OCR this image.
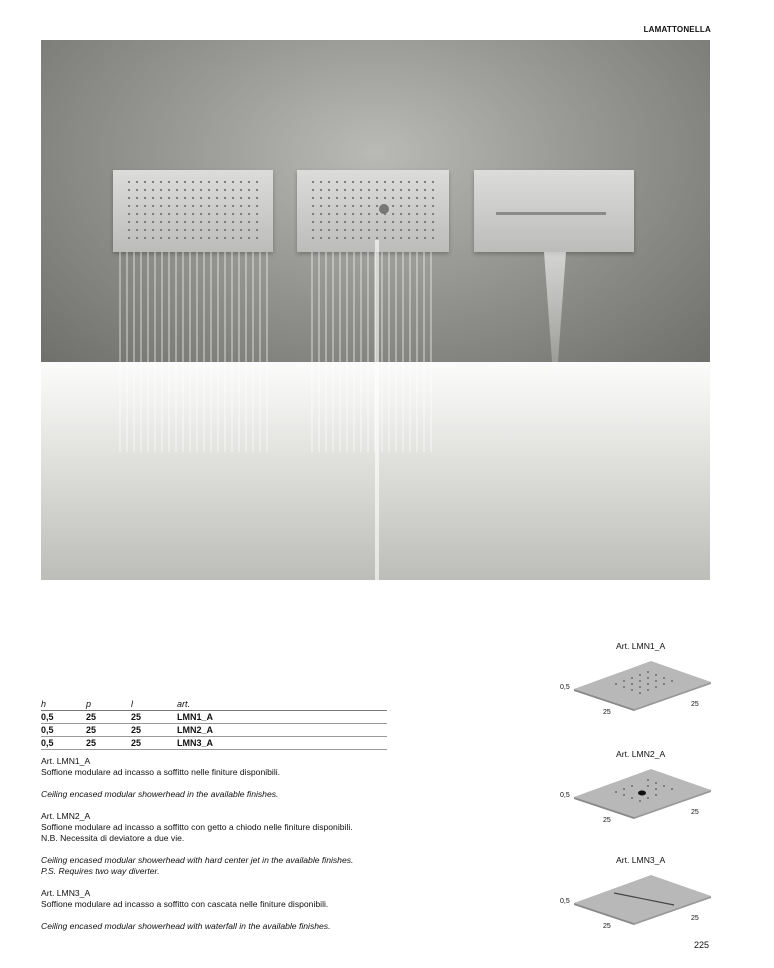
LAMATTONELLA
h	p	l	art.
0,5	25	25	LMN1_A
0,5	25	25	LMN2_A
0,5	25	25	LMN3_A

Art. LMN1_A

Soffione modulare ad incasso a soffitto nelle finiture disponibili.

Ceiling encased modular showerhead in the available finishes.

Art. LMN2_A

Soffione modulare ad incasso a soffitto con getto a chiodo nelle finiture disponibili.

N.B. Necessita di deviatore a due vie.

Ceiling encased modular showerhead with hard center jet in the available finishes.

P.S. Requires two way diverter.

Art. LMN3_A

Soffione modulare ad incasso a soffitto con cascata nelle finiture disponibili.

Ceiling encased modular showerhead with waterfall in the available finishes.

Art. LMN1_A
0,5
25
25
Art. LMN2_A
0,5
25
25
Art. LMN3_A
0,5
25
25
225
